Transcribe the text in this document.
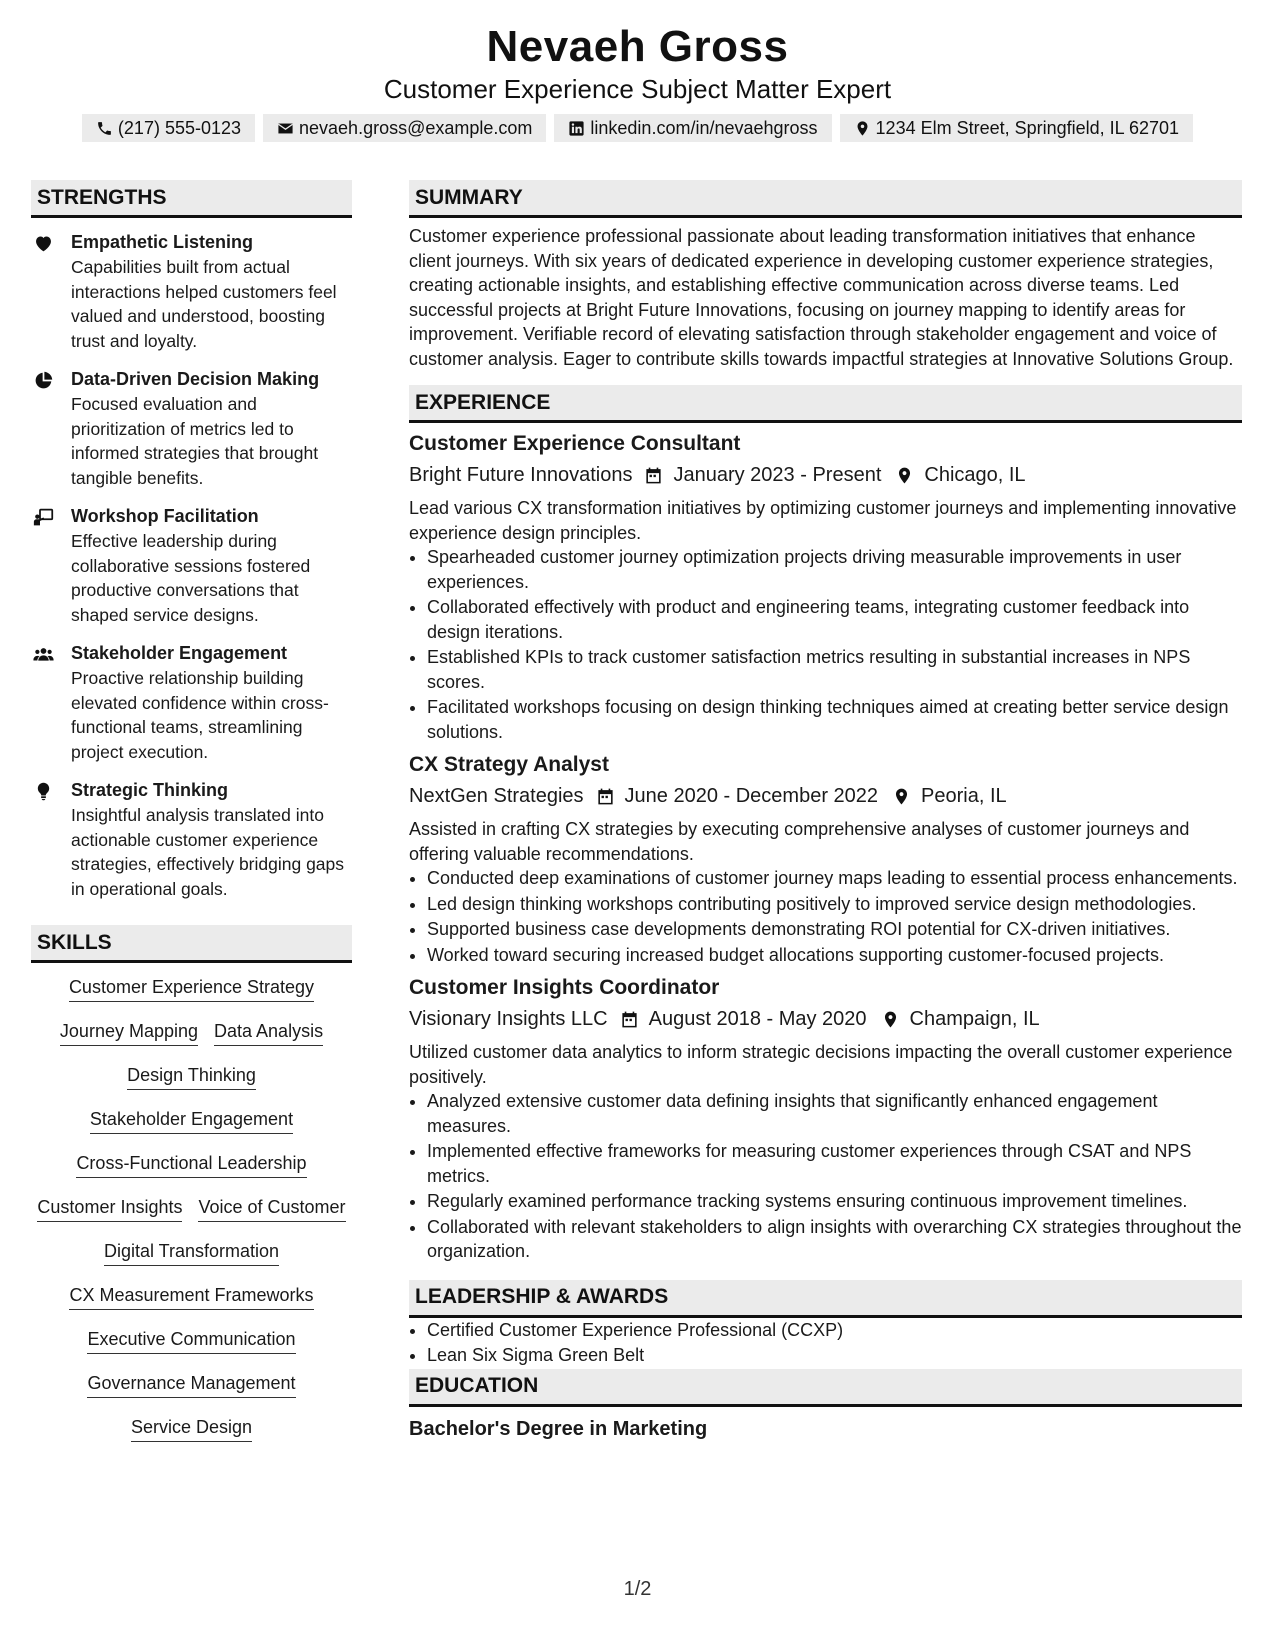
Nevaeh Gross
Customer Experience Subject Matter Expert
(217) 555-0123	nevaeh.gross@example.com	linkedin.com/in/nevaehgross	1234 Elm Street, Springfield, IL 62701
STRENGTHS
Empathetic Listening
Capabilities built from actual interactions helped customers feel valued and understood, boosting trust and loyalty.
Data-Driven Decision Making
Focused evaluation and prioritization of metrics led to informed strategies that brought tangible benefits.
Workshop Facilitation
Effective leadership during collaborative sessions fostered productive conversations that shaped service designs.
Stakeholder Engagement
Proactive relationship building elevated confidence within cross-functional teams, streamlining project execution.
Strategic Thinking
Insightful analysis translated into actionable customer experience strategies, effectively bridging gaps in operational goals.
SKILLS
Customer Experience Strategy
Journey Mapping Data Analysis
Design Thinking
Stakeholder Engagement
Cross-Functional Leadership
Customer Insights Voice of Customer
Digital Transformation
CX Measurement Frameworks
Executive Communication
Governance Management
Service Design
SUMMARY
Customer experience professional passionate about leading transformation initiatives that enhance client journeys. With six years of dedicated experience in developing customer experience strategies, creating actionable insights, and establishing effective communication across diverse teams. Led successful projects at Bright Future Innovations, focusing on journey mapping to identify areas for improvement. Verifiable record of elevating satisfaction through stakeholder engagement and voice of customer analysis. Eager to contribute skills towards impactful strategies at Innovative Solutions Group.
EXPERIENCE
Customer Experience Consultant
Bright Future Innovations January 2023 - Present Chicago, IL
Lead various CX transformation initiatives by optimizing customer journeys and implementing innovative experience design principles.
• Spearheaded customer journey optimization projects driving measurable improvements in user experiences.
• Collaborated effectively with product and engineering teams, integrating customer feedback into design iterations.
• Established KPIs to track customer satisfaction metrics resulting in substantial increases in NPS scores.
• Facilitated workshops focusing on design thinking techniques aimed at creating better service design solutions.
CX Strategy Analyst
NextGen Strategies June 2020 - December 2022 Peoria, IL
Assisted in crafting CX strategies by executing comprehensive analyses of customer journeys and offering valuable recommendations.
• Conducted deep examinations of customer journey maps leading to essential process enhancements.
• Led design thinking workshops contributing positively to improved service design methodologies.
• Supported business case developments demonstrating ROI potential for CX-driven initiatives.
• Worked toward securing increased budget allocations supporting customer-focused projects.
Customer Insights Coordinator
Visionary Insights LLC August 2018 - May 2020 Champaign, IL
Utilized customer data analytics to inform strategic decisions impacting the overall customer experience positively.
• Analyzed extensive customer data defining insights that significantly enhanced engagement measures.
• Implemented effective frameworks for measuring customer experiences through CSAT and NPS metrics.
• Regularly examined performance tracking systems ensuring continuous improvement timelines.
• Collaborated with relevant stakeholders to align insights with overarching CX strategies throughout the organization.
LEADERSHIP & AWARDS
• Certified Customer Experience Professional (CCXP)
• Lean Six Sigma Green Belt
EDUCATION
Bachelor's Degree in Marketing
1/2
